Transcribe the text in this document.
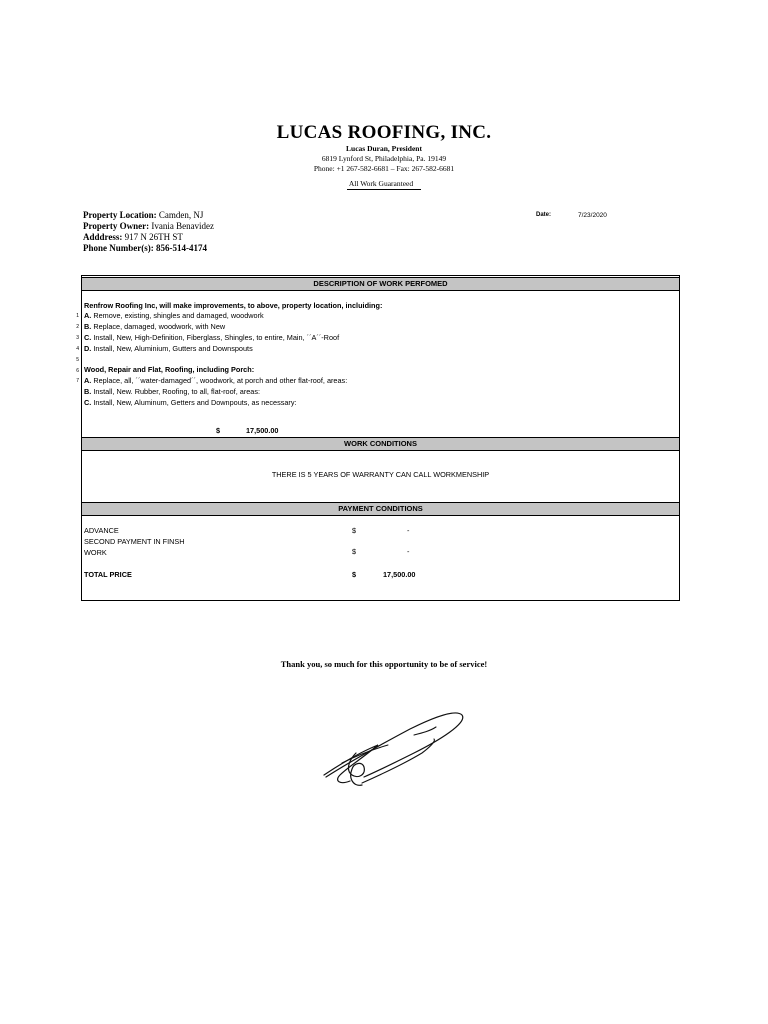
LUCAS ROOFING, INC.
Lucas Duran, President
6819 Lynford St, Philadelphia, Pa. 19149
Phone: +1 267-582-6681 – Fax: 267-582-6681
All Work Guaranteed
Property Location: Camden, NJ
Property Owner: Ivania Benavidez
Adddress: 917 N 26TH ST
Phone Number(s): 856-514-4174
Date:	7/23/2020
1
2
3
4
5
6
7
DESCRIPTION OF WORK PERFOMED
Renfrow Roofing Inc, will make improvements, to above, property location, incluiding:
A. Remove, existing, shingles and damaged, woodwork
B. Replace, damaged, woodwork, with New
C. Install, New, High-Definition, Fiberglass, Shingles, to entire, Main, ´´A´´-Roof
D. Install, New, Aluminium, Gutters and Downspouts
Wood, Repair and Flat, Roofing, including Porch:
A. Replace, all, ´´water-damaged´´, woodwork, at porch and other flat-roof, areas:
B. Install, New. Rubber, Roofing, to all, flat-roof, areas:
C. Install, New, Aluminum, Getters and Downpouts, as necessary:
$	17,500.00
WORK CONDITIONS
THERE IS 5 YEARS OF WARRANTY CAN CALL WORKMENSHIP
PAYMENT CONDITIONS
ADVANCE	$	-
SECOND PAYMENT IN FINSH
WORK	$	-
TOTAL PRICE	$	17,500.00
Thank you, so much for this opportunity to be of service!
